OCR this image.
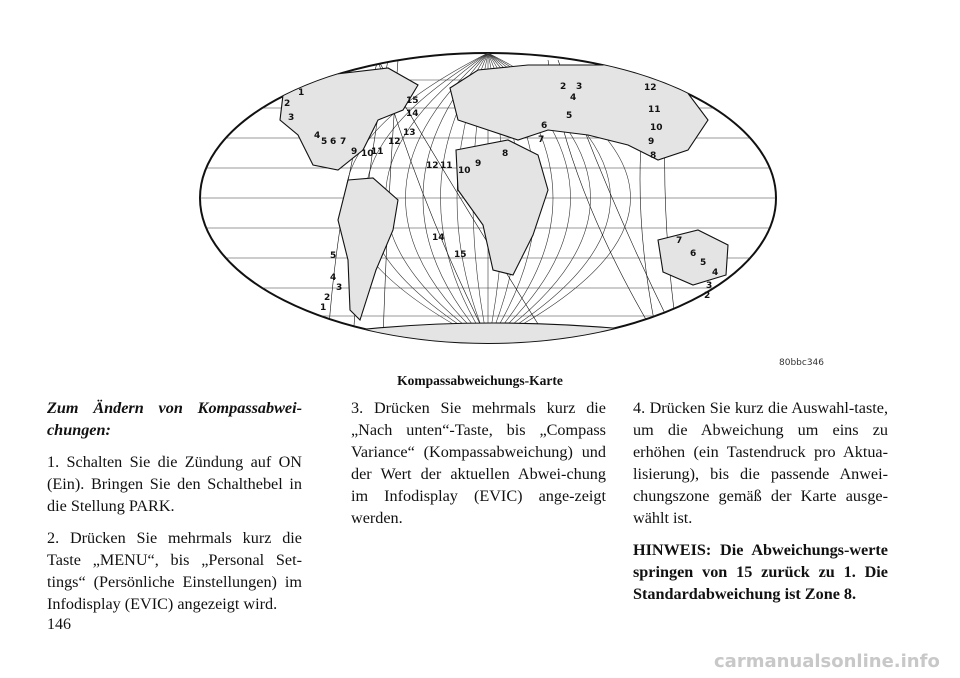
1
2
3
4
5 6 7
9 10
11
12
13
14
15
12 11 10
9
8
7
5
4
3
2
6
12
11
10
9
8
7
6
5
4
3
2
14
15
5
4
3
2
1
80bbc346
Kompassabweichungs-Karte

Zum Ändern von Kompassabwei-chungen:

1. Schalten Sie die Zündung auf ON (Ein). Bringen Sie den Schalthebel in die Stellung PARK.

2. Drücken Sie mehrmals kurz die Taste „MENU“, bis „Personal Set-tings“ (Persönliche Einstellungen) im Infodisplay (EVIC) angezeigt wird.

3. Drücken Sie mehrmals kurz die „Nach unten“-Taste, bis „Compass Variance“ (Kompassabweichung) und der Wert der aktuellen Abwei-chung im Infodisplay (EVIC) ange-zeigt werden.

4. Drücken Sie kurz die Auswahl-taste, um die Abweichung um eins zu erhöhen (ein Tastendruck pro Aktua-lisierung), bis die passende Anwei-chungszone gemäß der Karte ausge-wählt ist.

HINWEIS: Die Abweichungs-werte springen von 15 zurück zu 1. Die Standardabweichung ist Zone 8.

146
carmanualsonline.info
